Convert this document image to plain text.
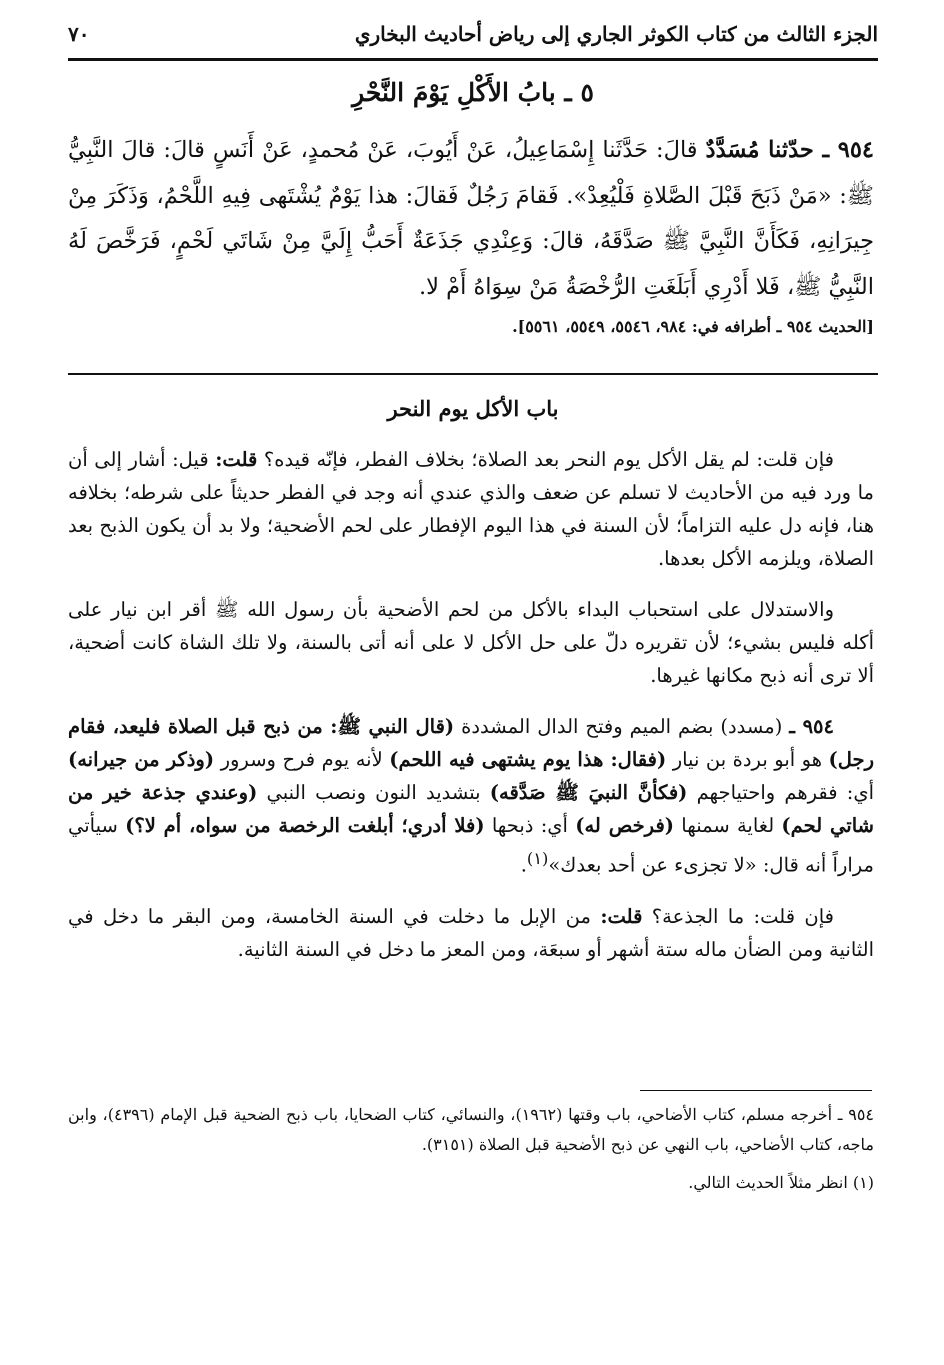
الجزء الثالث من كتاب الكوثر الجاري إلى رياض أحاديث البخاري
٧٠
٥ ـ بابُ الأَكْلِ يَوْمَ النَّحْرِ
٩٥٤ ـ حدّثنا مُسَدَّدٌ قالَ: حَدَّثَنا إِسْمَاعِيلُ، عَنْ أَيُوبَ، عَنْ مُحمدٍ، عَنْ أَنَسٍ قالَ: قالَ النَّبِيُّ ﷺ: «مَنْ ذَبَحَ قَبْلَ الصَّلاةِ فَلْيُعِدْ». فَقامَ رَجُلٌ فَقالَ: هذا يَوْمٌ يُشْتَهى فِيهِ اللَّحْمُ، وَذَكَرَ مِنْ جِيرَانِهِ، فَكَأَنَّ النَّبِيَّ ﷺ صَدَّقَهُ، قالَ: وَعِنْدِي جَذَعَةٌ أَحَبُّ إِلَيَّ مِنْ شَاتَي لَحْمٍ، فَرَخَّصَ لَهُ النَّبِيُّ ﷺ، فَلا أَدْرِي أَبَلَغَتِ الرُّخْصَةُ مَنْ سِوَاهُ أَمْ لا.
[الحديث ٩٥٤ ـ أطرافه في: ٩٨٤، ٥٥٤٦، ٥٥٤٩، ٥٥٦١].
باب الأكل يوم النحر

فإن قلت: لم يقل الأكل يوم النحر بعد الصلاة؛ بخلاف الفطر، فإنّه قيده؟ قلت: قيل: أشار إلى أن ما ورد فيه من الأحاديث لا تسلم عن ضعف والذي عندي أنه وجد في الفطر حديثاً على شرطه؛ بخلافه هنا، فإنه دل عليه التزاماً؛ لأن السنة في هذا اليوم الإفطار على لحم الأضحية؛ ولا بد أن يكون الذبح بعد الصلاة، ويلزمه الأكل بعدها.

والاستدلال على استحباب البداء بالأكل من لحم الأضحية بأن رسول الله ﷺ أقر ابن نيار على أكله فليس بشيء؛ لأن تقريره دلّ على حل الأكل لا على أنه أتى بالسنة، ولا تلك الشاة كانت أضحية، ألا ترى أنه ذبح مكانها غيرها.

٩٥٤ ـ (مسدد) بضم الميم وفتح الدال المشددة (قال النبي ﷺ: من ذبح قبل الصلاة فليعد، فقام رجل) هو أبو بردة بن نيار (فقال: هذا يوم يشتهى فيه اللحم) لأنه يوم فرح وسرور (وذكر من جيرانه) أي: فقرهم واحتياجهم (فكأنَّ النبيَ ﷺ صَدَّقه) بتشديد النون ونصب النبي (وعندي جذعة خير من شاتي لحم) لغاية سمنها (فرخص له) أي: ذبحها (فلا أدري؛ أبلغت الرخصة من سواه، أم لا؟) سيأتي مراراً أنه قال: «لا تجزىء عن أحد بعدك»$^{(١)}$.

فإن قلت: ما الجذعة؟ قلت: من الإبل ما دخلت في السنة الخامسة، ومن البقر ما دخل في الثانية ومن الضأن ماله ستة أشهر أو سبعَة، ومن المعز ما دخل في السنة الثانية.

٩٥٤ ـ أخرجه مسلم، كتاب الأضاحي، باب وقتها (١٩٦٢)، والنسائي، كتاب الضحايا، باب ذبح الضحية قبل الإمام (٤٣٩٦)، وابن ماجه، كتاب الأضاحي، باب النهي عن ذبح الأضحية قبل الصلاة (٣١٥١).

(١) انظر مثلاً الحديث التالي.
